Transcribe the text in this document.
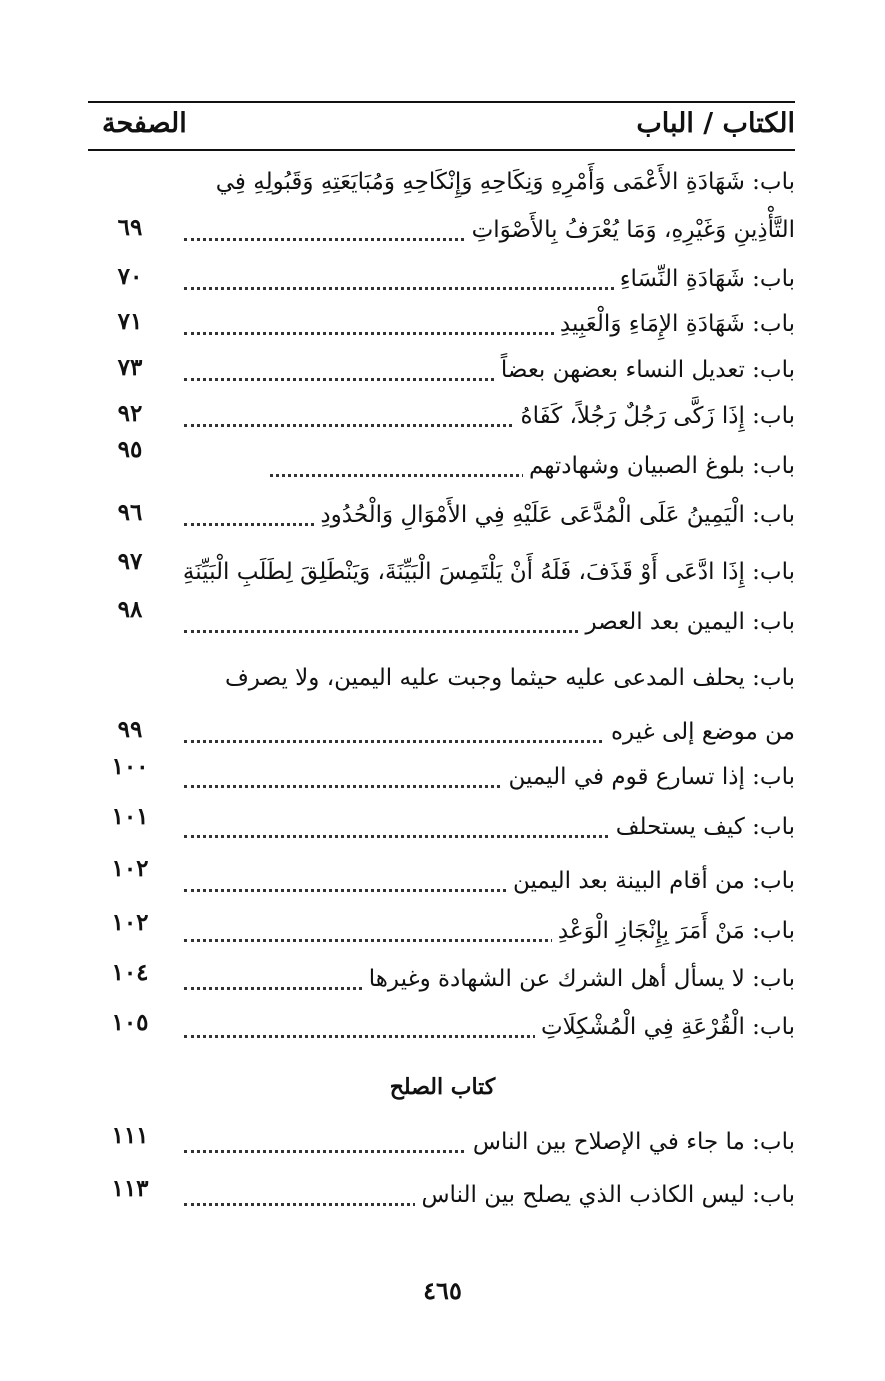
الكتاب / الباب
الصفحة
باب: شَهَادَةِ الأَعْمَى وَأَمْرِهِ وَنِكَاحِهِ وَإِنْكَاحِهِ وَمُبَايَعَتِهِ وَقَبُولِهِ فِي
التَّأْذِينِ وَغَيْرِهِ، وَمَا يُعْرَفُ بِالأَصْوَاتِ
٦٩
باب: شَهَادَةِ النِّسَاءِ
٧٠
باب: شَهَادَةِ الإِمَاءِ وَالْعَبِيدِ
٧١
باب: تعديل النساء بعضهن بعضاً
٧٣
باب: إِذَا زَكَّى رَجُلٌ رَجُلاً، كَفَاهُ
٩٢
باب: بلوغ الصبيان وشهادتهم
٩٥
باب: الْيَمِينُ عَلَى الْمُدَّعَى عَلَيْهِ فِي الأَمْوَالِ وَالْحُدُودِ
٩٦
باب: إِذَا ادَّعَى أَوْ قَذَفَ، فَلَهُ أَنْ يَلْتَمِسَ الْبَيِّنَةَ، وَيَنْطَلِقَ لِطَلَبِ الْبَيِّنَةِ
٩٧
باب: اليمين بعد العصر
٩٨
باب: يحلف المدعى عليه حيثما وجبت عليه اليمين، ولا يصرف
من موضع إلى غيره
٩٩
باب: إذا تسارع قوم في اليمين
١٠٠
باب: كيف يستحلف
١٠١
باب: من أقام البينة بعد اليمين
١٠٢
باب: مَنْ أَمَرَ بِإِنْجَازِ الْوَعْدِ
١٠٢
باب: لا يسأل أهل الشرك عن الشهادة وغيرها
١٠٤
باب: الْقُرْعَةِ فِي الْمُشْكِلَاتِ
١٠٥
كتاب الصلح
باب: ما جاء في الإصلاح بين الناس
١١١
باب: ليس الكاذب الذي يصلح بين الناس
١١٣
٤٦٥
